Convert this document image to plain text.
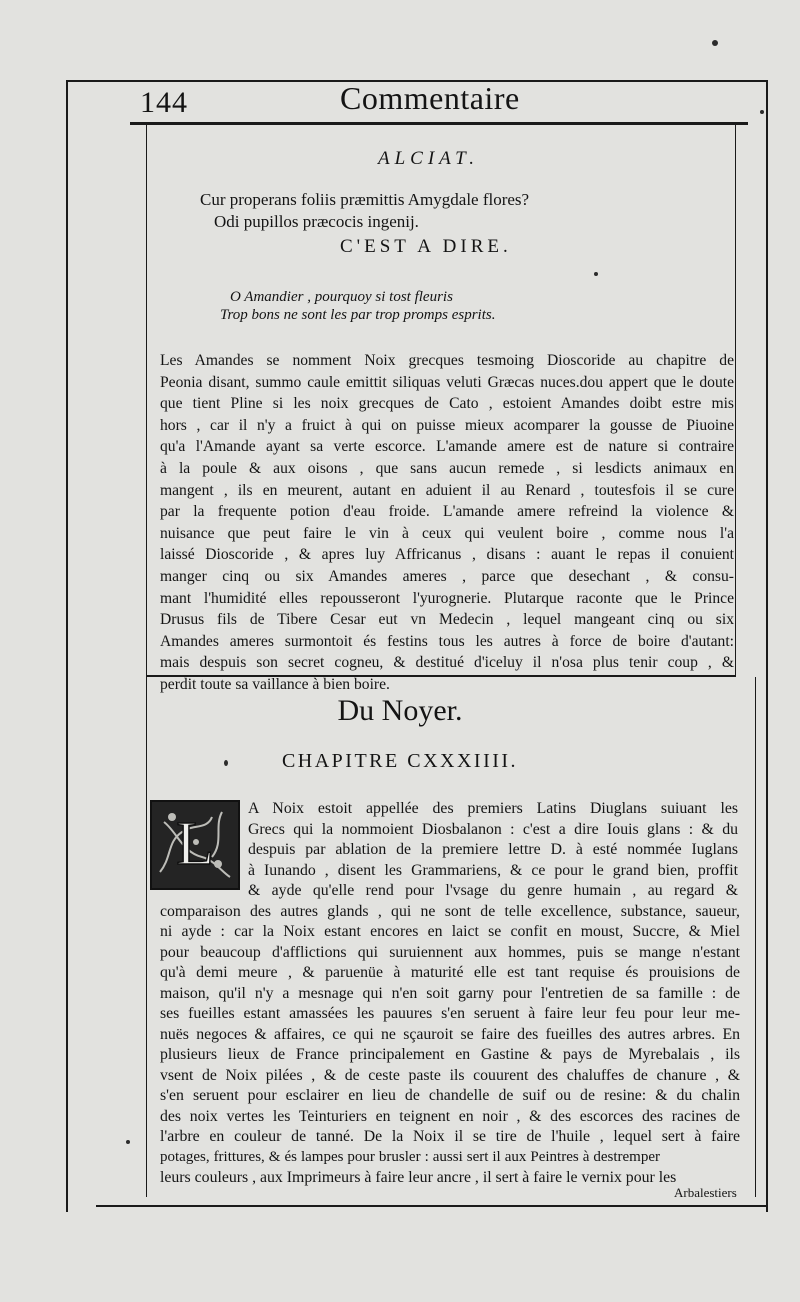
144	Commentaire
ALCIAT.
Cur properans foliis præmittis Amygdale flores?
Odi pupillos præcocis ingenij.
C'EST A DIRE.
O Amandier , pourquoy si tost fleuris
Trop bons ne sont les par trop promps esprits.
Les Amandes se nomment Noix grecques tesmoing Dioscoride au chapitre de
Peonia disant, summo caule emittit siliquas veluti Græcas nuces.dou appert que le doute
que tient Pline si les noix grecques de Cato , estoient Amandes doibt estre mis
hors , car il n'y a fruict à qui on puisse mieux acomparer la gousse de Piuoine
qu'a l'Amande ayant sa verte escorce. L'amande amere est de nature si contraire
à la poule & aux oisons , que sans aucun remede , si lesdicts animaux en
mangent , ils en meurent, autant en aduient il au Renard , toutesfois il se cure
par la frequente potion d'eau froide. L'amande amere refreind la violence &
nuisance que peut faire le vin à ceux qui veulent boire , comme nous l'a
laissé Dioscoride , & apres luy Affricanus , disans : auant le repas il conuient
manger cinq ou six Amandes ameres , parce que desechant , & consu-
mant l'humidité elles repousseront l'yurognerie. Plutarque raconte que le Prince
Drusus fils de Tibere Cesar eut vn Medecin , lequel mangeant cinq ou six
Amandes ameres surmontoit és festins tous les autres à force de boire d'autant:
mais despuis son secret cogneu, & destitué d'iceluy il n'osa plus tenir coup , &
perdit toute sa vaillance à bien boire.
Du Noyer.
CHAPITRE CXXXIIII.
L
A Noix estoit appellée des premiers Latins Diuglans suiuant les
Grecs qui la nommoient Diosbalanon : c'est a dire Iouis glans : & du
despuis par ablation de la premiere lettre D. à esté nommée Iuglans
à Iunando , disent les Grammariens, & ce pour le grand bien, proffit
& ayde qu'elle rend pour l'vsage du genre humain , au regard &
comparaison des autres glands , qui ne sont de telle excellence, substance, saueur,
ni ayde : car la Noix estant encores en laict se confit en moust, Succre, & Miel
pour beaucoup d'afflictions qui suruiennent aux hommes, puis se mange n'estant
qu'à demi meure , & paruenüe à maturité elle est tant requise és prouisions de
maison, qu'il n'y a mesnage qui n'en soit garny pour l'entretien de sa famille : de
ses fueilles estant amassées les pauures s'en seruent à faire leur feu pour leur me-
nuës negoces & affaires, ce qui ne sçauroit se faire des fueilles des autres arbres. En
plusieurs lieux de France principalement en Gastine & pays de Myrebalais , ils
vsent de Noix pilées , & de ceste paste ils couurent des chaluffes de chanure , &
s'en seruent pour esclairer en lieu de chandelle de suif ou de resine: & du chalin
des noix vertes les Teinturiers en teignent en noir , & des escorces des racines de
l'arbre en couleur de tanné. De la Noix il se tire de l'huile , lequel sert à faire
potages, frittures, & és lampes pour brusler : aussi sert il aux Peintres à destremper
leurs couleurs , aux Imprimeurs à faire leur ancre , il sert à faire le vernix pour les
Arbalestiers
